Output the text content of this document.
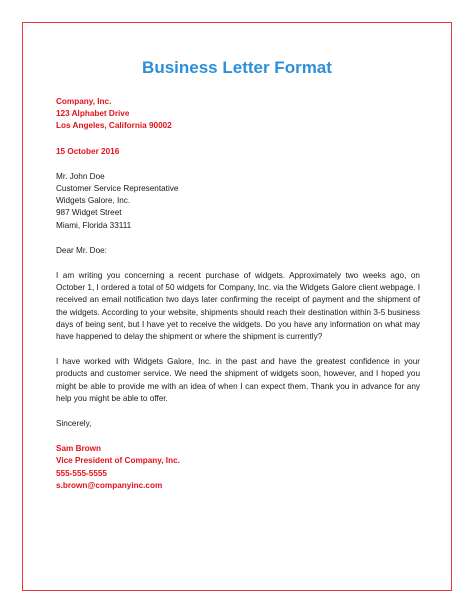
Business Letter Format
Company, Inc.
123 Alphabet Drive
Los Angeles, California 90002
15 October 2016
Mr. John Doe
Customer Service Representative
Widgets Galore, Inc.
987 Widget Street
Miami, Florida 33111
Dear Mr. Doe:

I am writing you concerning a recent purchase of widgets. Approximately two weeks ago, on October 1, I ordered a total of 50 widgets for Company, Inc. via the Widgets Galore client webpage. I received an email notification two days later confirming the receipt of payment and the shipment of the widgets. According to your website, shipments should reach their destination within 3-5 business days of being sent, but I have yet to receive the widgets. Do you have any information on what may have happened to delay the shipment or where the shipment is currently?

I have worked with Widgets Galore, Inc. in the past and have the greatest confidence in your products and customer service. We need the shipment of widgets soon, however, and I hoped you might be able to provide me with an idea of when I can expect them. Thank you in advance for any help you might be able to offer.

Sincerely,
Sam Brown
Vice President of Company, Inc.
555-555-5555
s.brown@companyinc.com
